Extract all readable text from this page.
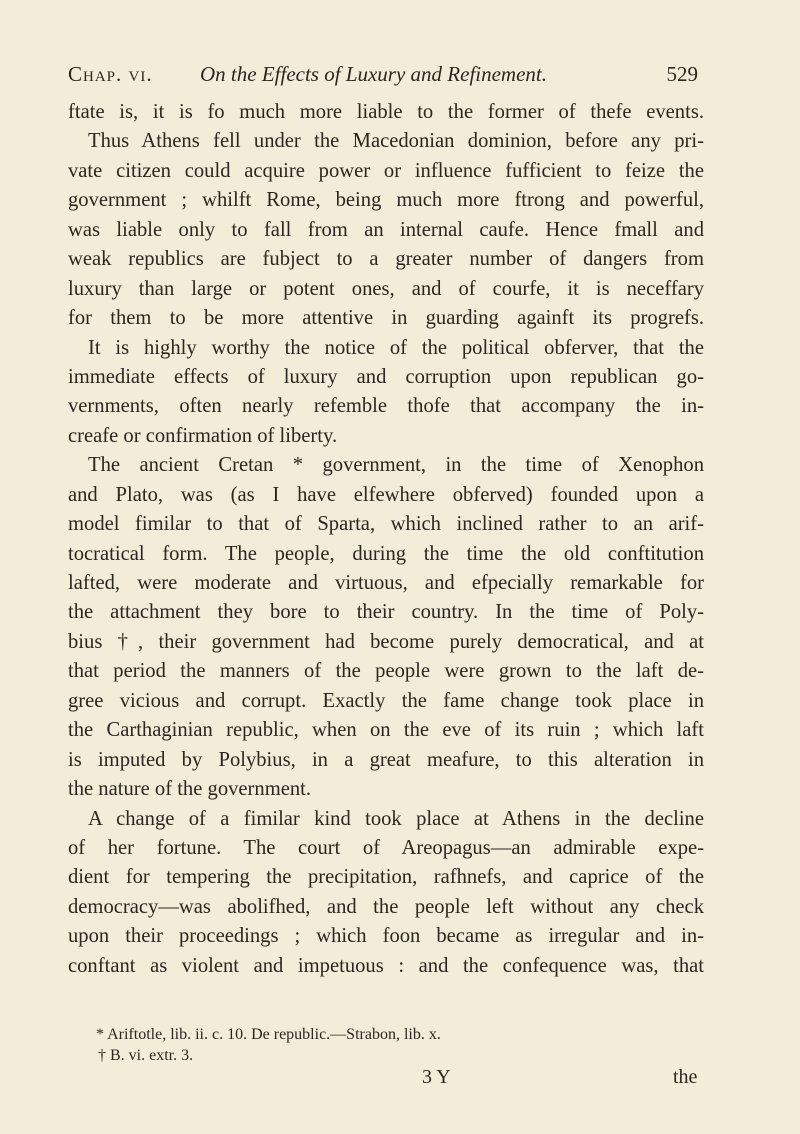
Chap. vi. On the Effects of Luxury and Refinement.	529
ftate is, it is fo much more liable to the former of thefe events.
Thus Athens fell under the Macedonian dominion, before any pri-
vate citizen could acquire power or influence fufficient to feize the
government ; whilft Rome, being much more ftrong and powerful,
was liable only to fall from an internal caufe. Hence fmall and
weak republics are fubject to a greater number of dangers from
luxury than large or potent ones, and of courfe, it is neceffary
for them to be more attentive in guarding againft its progrefs.
It is highly worthy the notice of the political obferver, that the
immediate effects of luxury and corruption upon republican go-
vernments, often nearly refemble thofe that accompany the in-
creafe or confirmation of liberty.
The ancient Cretan * government, in the time of Xenophon
and Plato, was (as I have elfewhere obferved) founded upon a
model fimilar to that of Sparta, which inclined rather to an arif-
tocratical form. The people, during the time the old conftitution
lafted, were moderate and virtuous, and efpecially remarkable for
the attachment they bore to their country. In the time of Poly-
bius †, their government had become purely democratical, and at
that period the manners of the people were grown to the laft de-
gree vicious and corrupt. Exactly the fame change took place in
the Carthaginian republic, when on the eve of its ruin ; which laft
is imputed by Polybius, in a great meafure, to this alteration in
the nature of the government.
A change of a fimilar kind took place at Athens in the decline
of her fortune. The court of Areopagus—an admirable expe-
dient for tempering the precipitation, rafhnefs, and caprice of the
democracy—was abolifhed, and the people left without any check
upon their proceedings ; which foon became as irregular and in-
conftant as violent and impetuous : and the confequence was, that
* Ariftotle, lib. ii. c. 10. De republic.—Strabon, lib. x.
† B. vi. extr. 3.
3 Y	the
